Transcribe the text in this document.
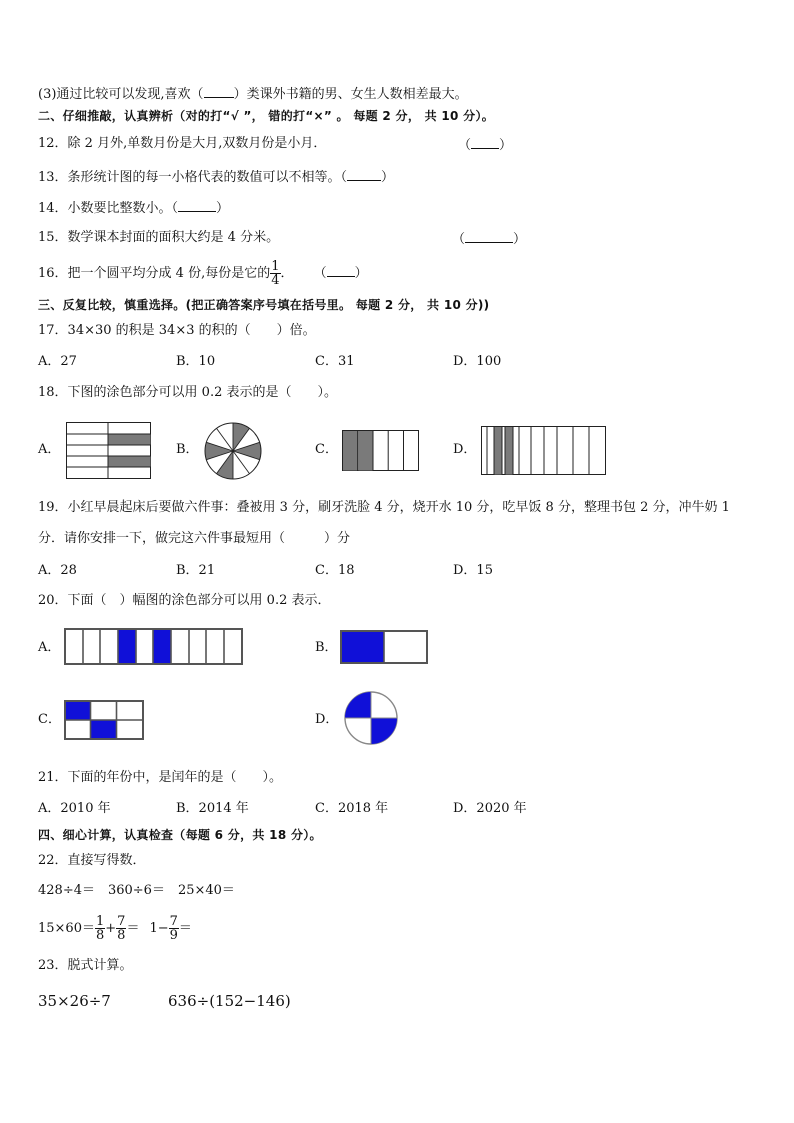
(3)通过比较可以发现,喜欢（ ）类课外书籍的男、女生人数相差最大。
二、仔细推敲，认真辨析（对的打“√ ”， 错的打“×” 。 每题 2 分， 共 10 分）。
12．除 2 月外,单数月份是大月,双数月份是小月．	（ ）
13．条形统计图的每一小格代表的数值可以不相等。（	）
14．小数要比整数小。（	）
15．数学课本封面的面积大约是 4 分米。	（	）
16．把一个圆平均分成 4 份,每份是它的 $\frac{1}{4}$ ． （ ）
三、反复比较，慎重选择。(把正确答案序号填在括号里。 每题 2 分， 共 10 分))
17．34×30 的积是 34×3 的积的（　　）倍。
A．27	B．10	C．31	D．100
18．下图的涂色部分可以用 0.2 表示的是（　　）。
A．	B．	C．	D．
19．小红早晨起床后要做六件事：叠被用 3 分，刷牙洗脸 4 分，烧开水 10 分，吃早饭 8 分，整理书包 2 分，冲牛奶 1
分．请你安排一下，做完这六件事最短用（　　　）分
A．28	B．21	C．18	D．15
20．下面（　）幅图的涂色部分可以用 0.2 表示．
A．	B．
C．	D．
21．下面的年份中，是闰年的是（　　）。
A．2010 年	B．2014 年	C．2018 年	D．2020 年
四、细心计算，认真检查（每题 6 分，共 18 分）。
22．直接写得数．
428÷4＝　360÷6＝　25×40＝
$15\times 60= \frac{1}{8} + \frac{7}{8} = 1- \frac{7}{9}$ ＝
23．脱式计算。
35×26÷7	636÷(152−146)
